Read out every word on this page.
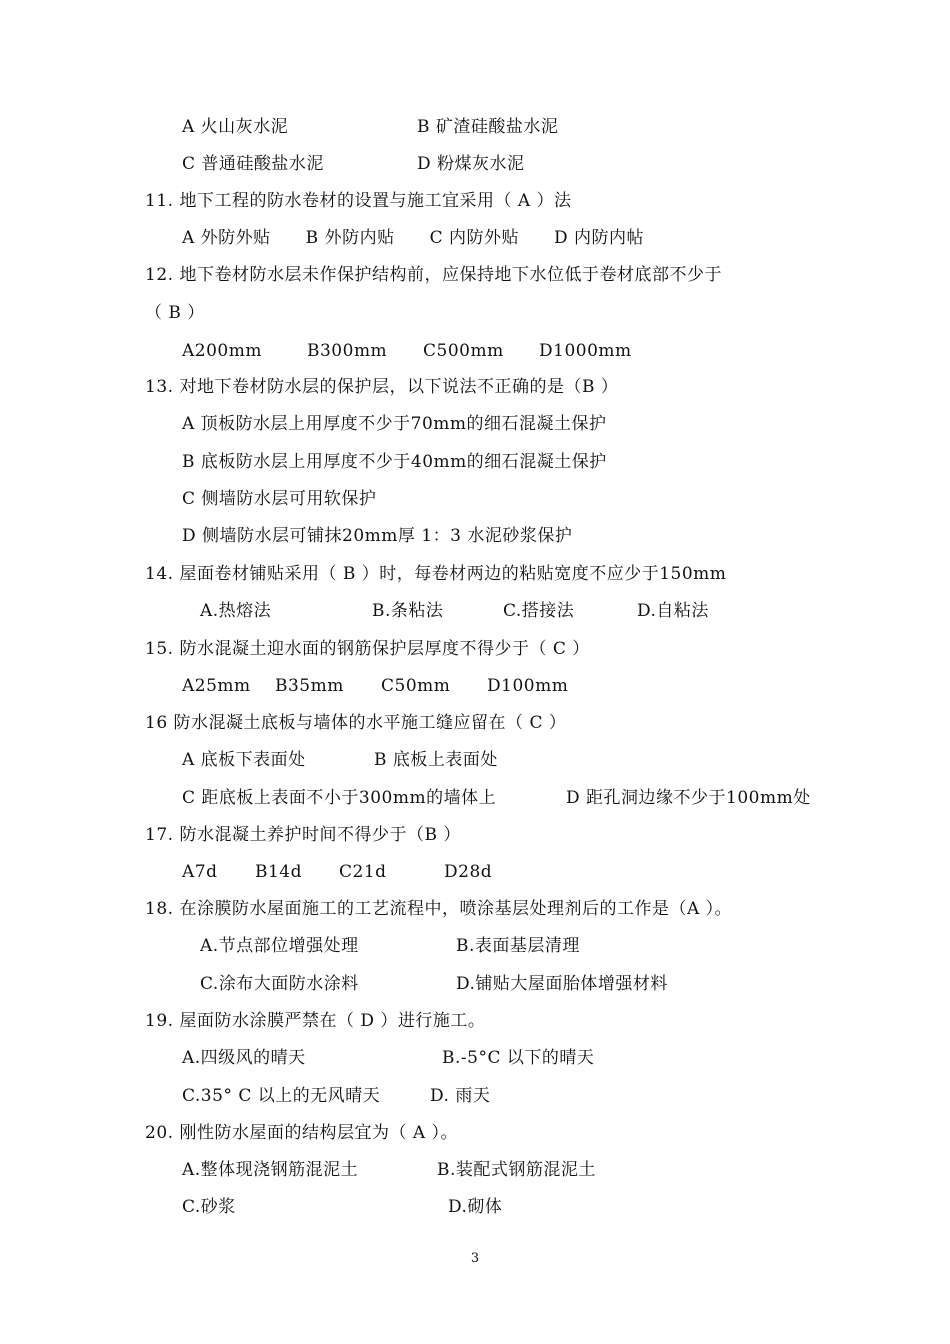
A 火山灰水泥	B 矿渣硅酸盐水泥
C 普通硅酸盐水泥	D 粉煤灰水泥
11. 地下工程的防水卷材的设置与施工宜采用（ A ）法
A 外防外贴　　B 外防内贴　　C 内防外贴　　D 内防内帖
12. 地下卷材防水层未作保护结构前，应保持地下水位低于卷材底部不少于
（ B ）
A200mm	B300mm C500mm D1000mm
13. 对地下卷材防水层的保护层，以下说法不正确的是（B ）
A 顶板防水层上用厚度不少于70mm的细石混凝土保护
B 底板防水层上用厚度不少于40mm的细石混凝土保护
C 侧墙防水层可用软保护
D 侧墙防水层可铺抹20mm厚 1：3 水泥砂浆保护
14. 屋面卷材铺贴采用（ B ）时，每卷材两边的粘贴宽度不应少于150mm
A.热熔法	B.条粘法	C.搭接法	D.自粘法
15. 防水混凝土迎水面的钢筋保护层厚度不得少于（ C ）
A25mm B35mm C50mm D100mm
16 防水混凝土底板与墙体的水平施工缝应留在（ C ）
A 底板下表面处	B 底板上表面处
C 距底板上表面不小于300mm的墙体上	D 距孔洞边缘不少于100mm处
17. 防水混凝土养护时间不得少于（B ）
A7d B14d C21d	D28d
18. 在涂膜防水屋面施工的工艺流程中，喷涂基层处理剂后的工作是（A ）。
A.节点部位增强处理	B.表面基层清理
C.涂布大面防水涂料	D.铺贴大屋面胎体增强材料
19. 屋面防水涂膜严禁在（ D ）进行施工。
A.四级风的晴天	B.-5°C 以下的晴天
C.35° C 以上的无风晴天	D. 雨天
20. 刚性防水屋面的结构层宜为（ A ）。
A.整体现浇钢筋混泥土	B.装配式钢筋混泥土
C.砂浆	D.砌体
3
